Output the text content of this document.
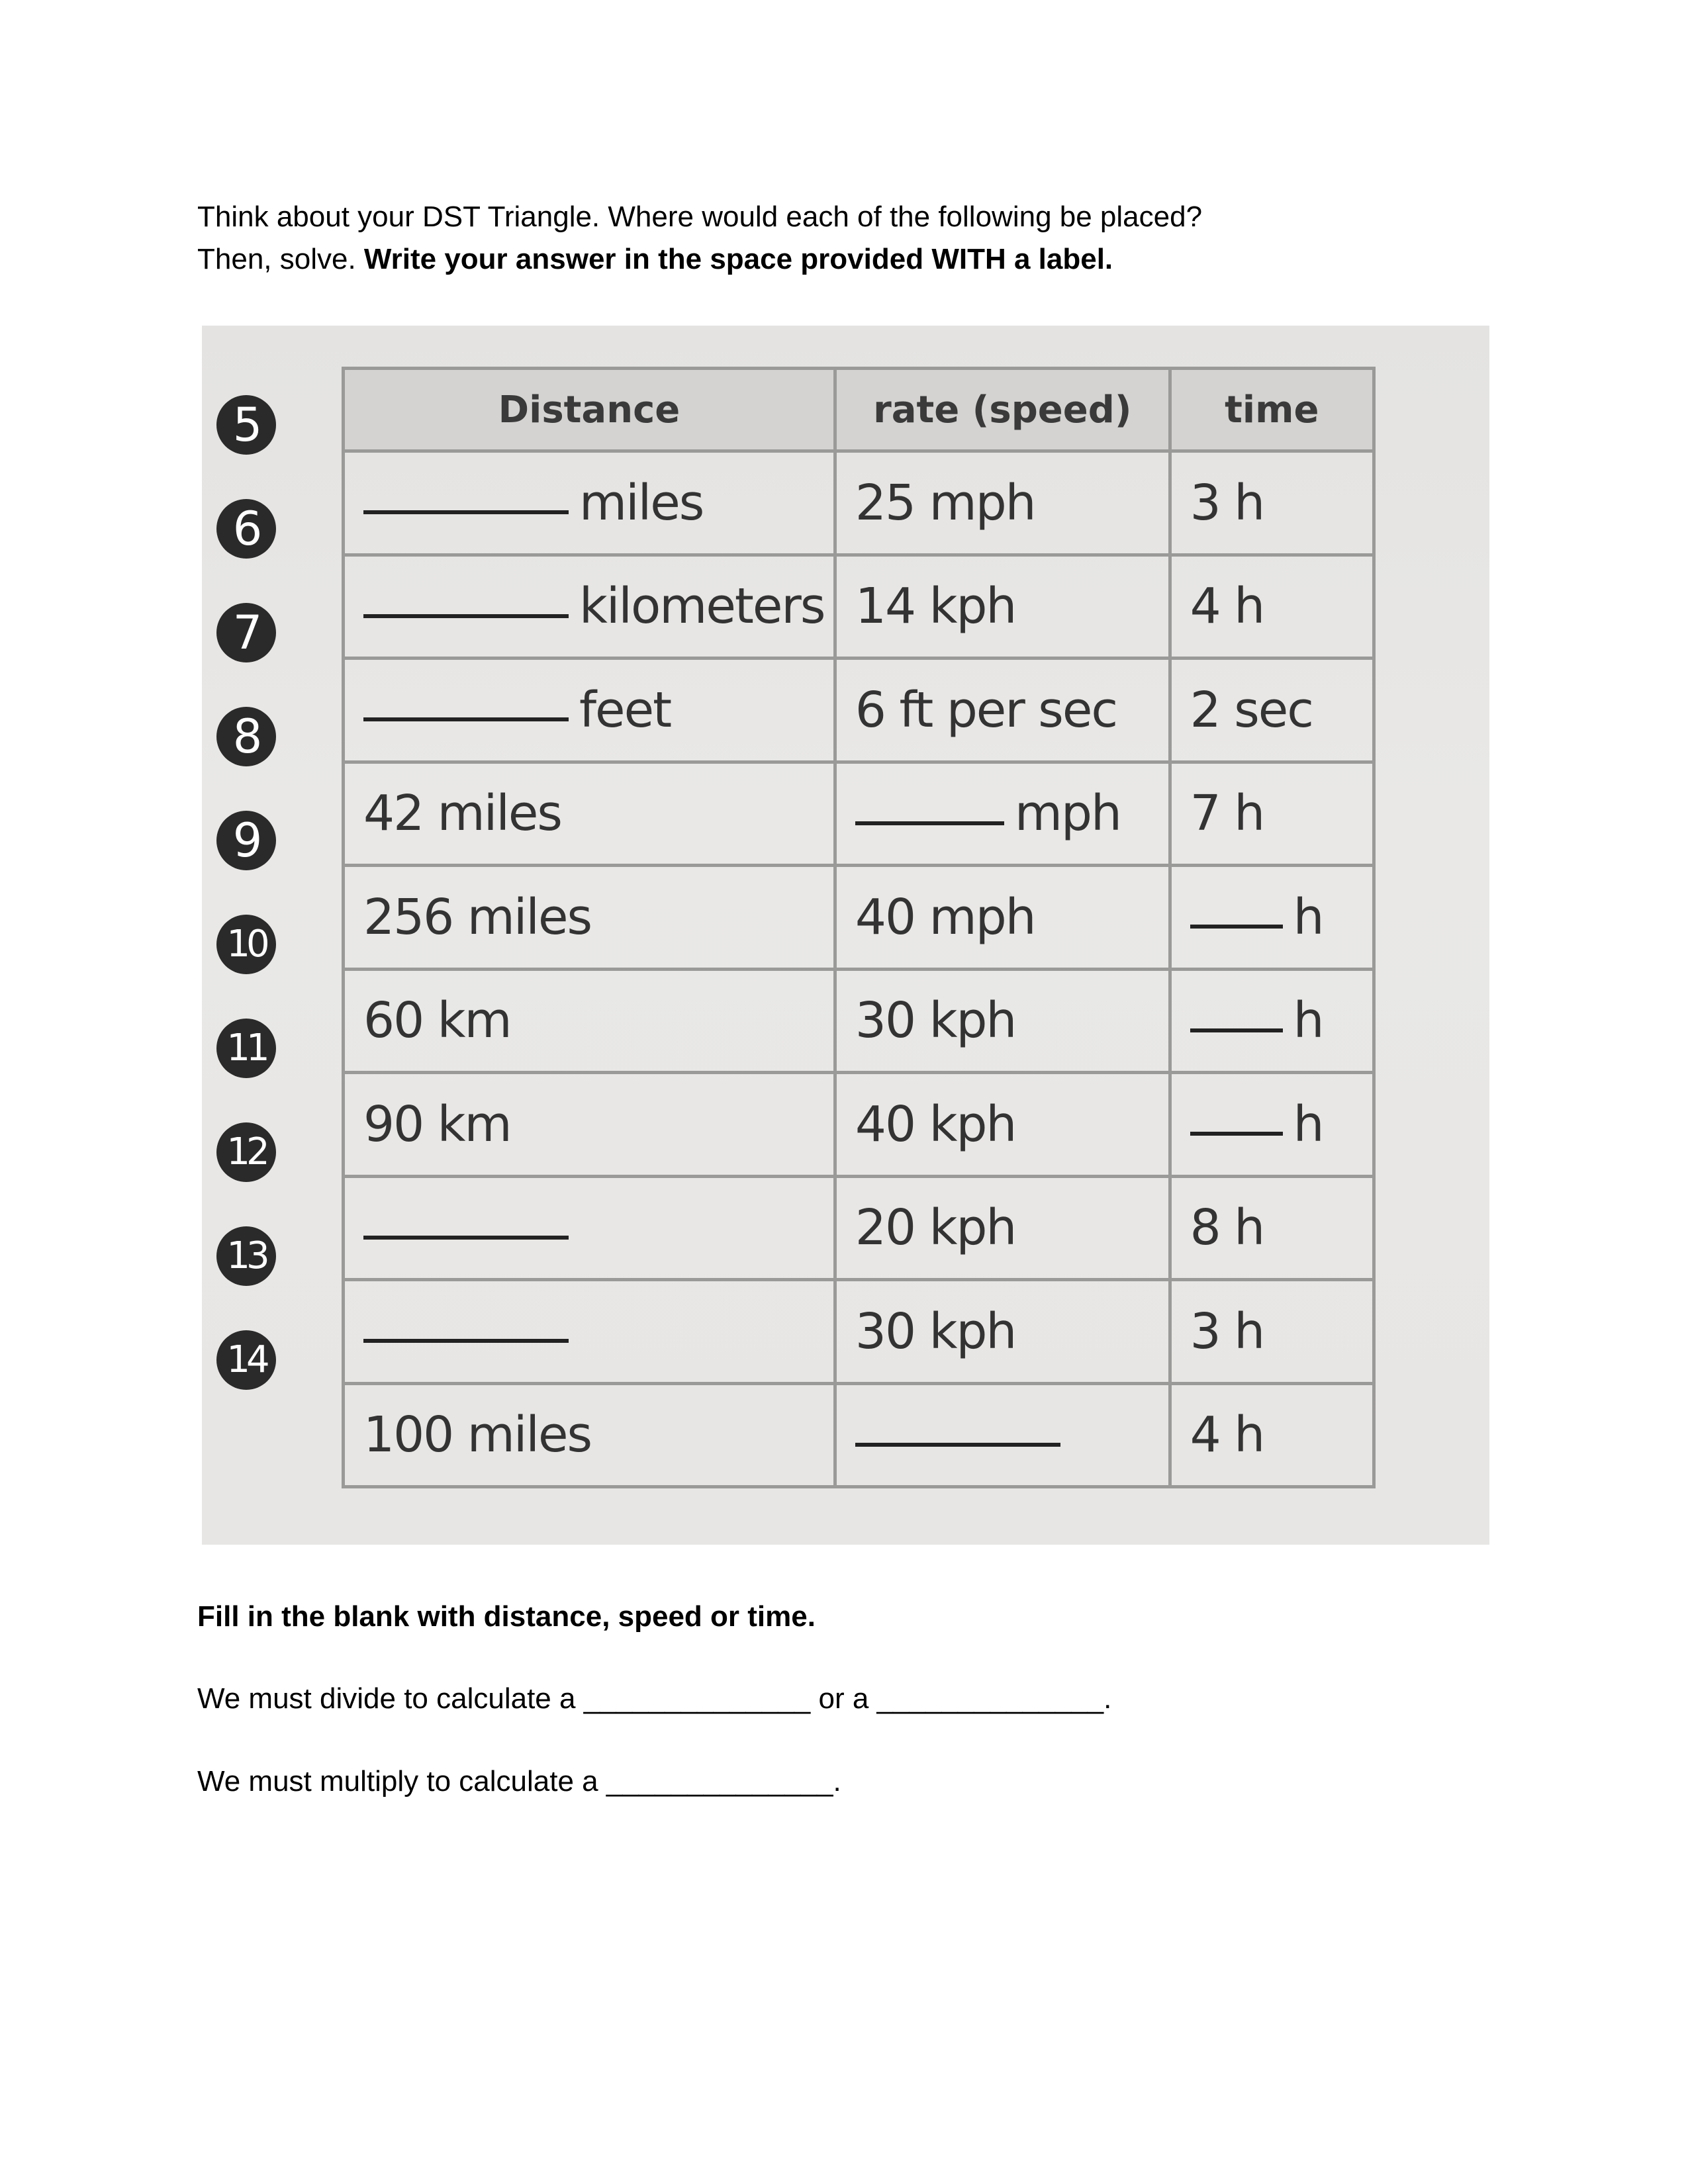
Think about your DST Triangle. Where would each of the following be placed?

Then, solve. Write your answer in the space provided WITH a label.

5
6
7
8
9
10
11
12
13
14
Distance	rate (speed)	time
miles	25 mph	3 h
kilometers	14 kph	4 h
feet	6 ft per sec	2 sec
42 miles	mph	7 h
256 miles	40 mph	h
60 km	30 kph	h
90 km	40 kph	h
	20 kph	8 h
	30 kph	3 h
100 miles		4 h

Fill in the blank with distance, speed or time.

We must divide to calculate a ______________ or a ______________.

We must multiply to calculate a ______________.
